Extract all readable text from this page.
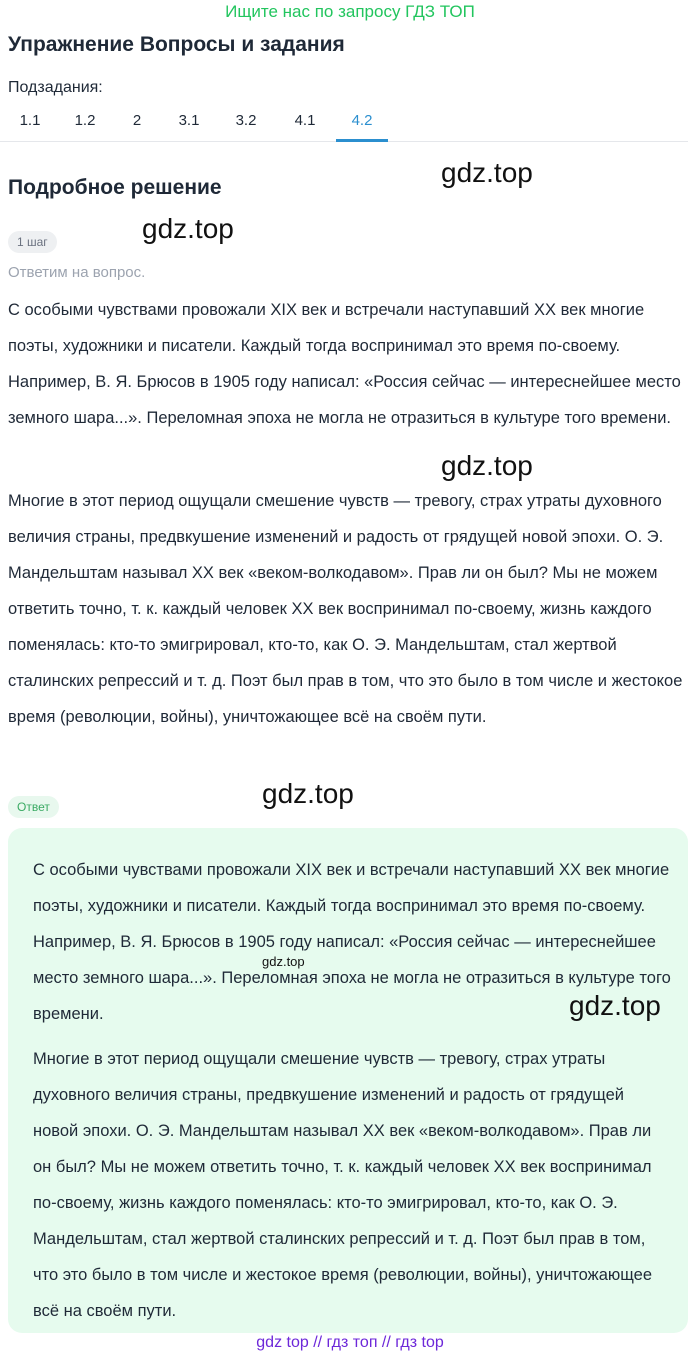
Ищите нас по запросу ГДЗ ТОП
Упражнение Вопросы и задания
Подзадания:
1.1	1.2	2	3.1	3.2	4.1	4.2
Подробное решение
1 шаг
Ответим на вопрос.

С особыми чувствами провожали XIX век и встречали наступавший XX век многие поэты, художники и писатели. Каждый тогда воспринимал это время по-своему. Например, В. Я. Брюсов в 1905 году написал: «Россия сейчас — интереснейшее место земного шара...». Переломная эпоха не могла не отразиться в культуре того времени.

Многие в этот период ощущали смешение чувств — тревогу, страх утраты духовного величия страны, предвкушение изменений и радость от грядущей новой эпохи. О. Э. Мандельштам называл XX век «веком-волкодавом». Прав ли он был? Мы не можем ответить точно, т. к. каждый человек XX век воспринимал по-своему, жизнь каждого поменялась: кто-то эмигрировал, кто-то, как О. Э. Мандельштам, стал жертвой сталинских репрессий и т. д. Поэт был прав в том, что это было в том числе и жестокое время (революции, войны), уничтожающее всё на своём пути.

Ответ

С особыми чувствами провожали XIX век и встречали наступавший XX век многие поэты, художники и писатели. Каждый тогда воспринимал это время по-своему. Например, В. Я. Брюсов в 1905 году написал: «Россия сейчас — интереснейшее место земного шара...». Переломная эпоха не могла не отразиться в культуре того времени.

Многие в этот период ощущали смешение чувств — тревогу, страх утраты духовного величия страны, предвкушение изменений и радость от грядущей новой эпохи. О. Э. Мандельштам называл XX век «веком-волкодавом». Прав ли он был? Мы не можем ответить точно, т. к. каждый человек XX век воспринимал по-своему, жизнь каждого поменялась: кто-то эмигрировал, кто-то, как О. Э. Мандельштам, стал жертвой сталинских репрессий и т. д. Поэт был прав в том, что это было в том числе и жестокое время (революции, войны), уничтожающее всё на своём пути.

gdz.top
gdz.top
gdz.top
gdz.top
gdz.top
gdz.top
gdz top // гдз топ // гдз top
